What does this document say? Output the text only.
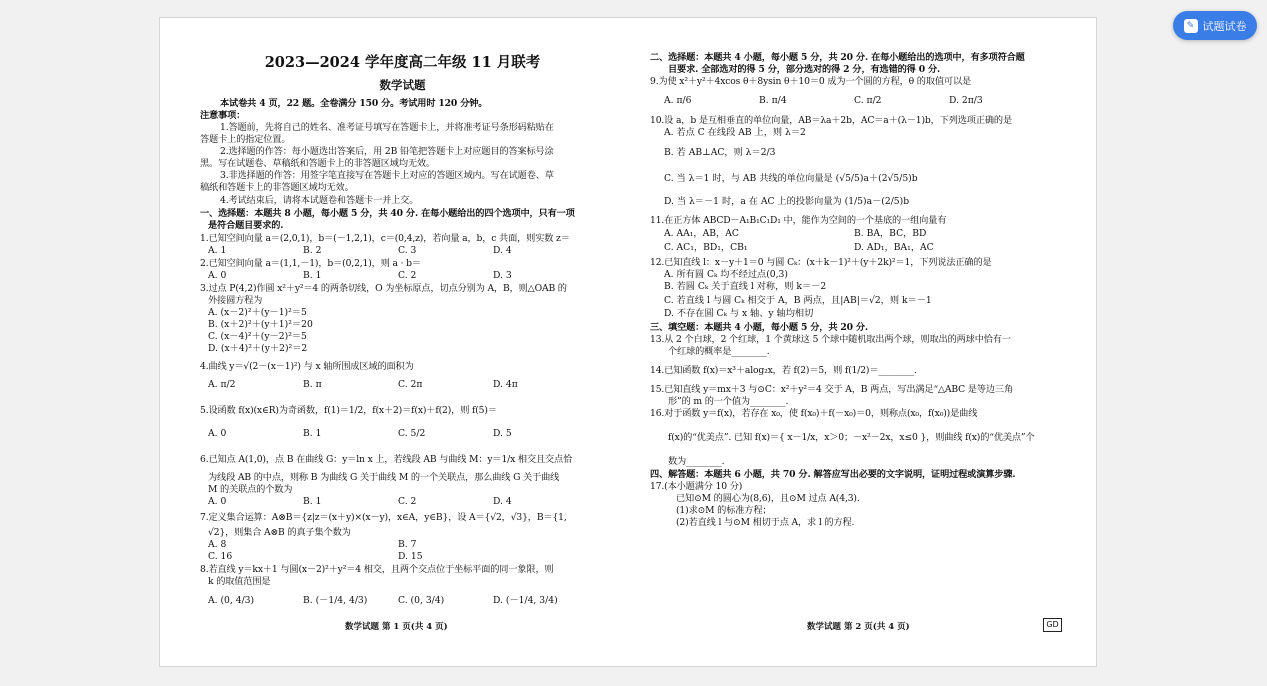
2023—2024 学年度高二年级 11 月联考
数学试题
本试卷共 4 页，22 题。全卷满分 150 分。考试用时 120 分钟。
注意事项：
1.答题前，先将自己的姓名、准考证号填写在答题卡上，并将准考证号条形码粘贴在
答题卡上的指定位置。
2.选择题的作答：每小题选出答案后，用 2B 铅笔把答题卡上对应题目的答案标号涂
黑。写在试题卷、草稿纸和答题卡上的非答题区域均无效。
3.非选择题的作答：用签字笔直接写在答题卡上对应的答题区域内。写在试题卷、草
稿纸和答题卡上的非答题区域均无效。
4.考试结束后，请将本试题卷和答题卡一并上交。
一、选择题：本题共 8 小题，每小题 5 分，共 40 分. 在每小题给出的四个选项中，只有一项
是符合题目要求的.
1.已知空间向量 a＝(2,0,1)，b＝(－1,2,1)，c＝(0,4,z)，若向量 a，b，c 共面，则实数 z＝
A. 1	B. 2	C. 3	D. 4
2.已知空间向量 a＝(1,1,－1)，b＝(0,2,1)，则 a · b＝
A. 0	B. 1	C. 2	D. 3
3.过点 P(4,2)作圆 x²＋y²＝4 的两条切线，O 为坐标原点，切点分别为 A，B，则△OAB 的
外接圆方程为
A. (x－2)²＋(y－1)²＝5
B. (x＋2)²＋(y＋1)²＝20
C. (x－4)²＋(y－2)²＝5
D. (x＋4)²＋(y＋2)²＝2
4.曲线 y＝√(2－(x－1)²) 与 x 轴所围成区域的面积为
A. π/2	B. π	C. 2π	D. 4π
5.设函数 f(x)(x∈R)为奇函数，f(1)＝1/2，f(x＋2)＝f(x)＋f(2)，则 f(5)＝
A. 0	B. 1	C. 5/2	D. 5
6.已知点 A(1,0)，点 B 在曲线 G：y＝ln x 上，若线段 AB 与曲线 M：y＝1/x 相交且交点恰
为线段 AB 的中点，则称 B 为曲线 G 关于曲线 M 的一个关联点，那么曲线 G 关于曲线
M 的关联点的个数为
A. 0	B. 1	C. 2	D. 4
7.定义集合运算：A⊗B＝{z|z＝(x＋y)×(x－y)，x∈A，y∈B}，设 A＝{√2，√3}，B＝{1,
√2}，则集合 A⊗B 的真子集个数为
A. 8	B. 7
C. 16	D. 15
8.若直线 y＝kx＋1 与圆(x－2)²＋y²＝4 相交，且两个交点位于坐标平面的同一象限，则
k 的取值范围是
A. (0, 4/3)	B. (－1/4, 4/3)	C. (0, 3/4)	D. (－1/4, 3/4)
数学试题 第 1 页(共 4 页)
二、选择题：本题共 4 小题，每小题 5 分，共 20 分. 在每小题给出的选项中，有多项符合题
目要求. 全部选对的得 5 分，部分选对的得 2 分，有选错的得 0 分.
9.为使 x²＋y²＋4xcos θ＋8ysin θ＋10＝0 成为一个圆的方程，θ 的取值可以是
A. π/6	B. π/4	C. π/2	D. 2π/3
10.设 a，b 是互相垂直的单位向量，AB＝λa＋2b，AC＝a＋(λ－1)b，下列选项正确的是
A. 若点 C 在线段 AB 上，则 λ＝2
B. 若 AB⊥AC，则 λ＝2/3
C. 当 λ＝1 时，与 AB 共线的单位向量是 (√5/5)a＋(2√5/5)b
D. 当 λ＝－1 时，a 在 AC 上的投影向量为 (1/5)a－(2/5)b
11.在正方体 ABCD－A₁B₁C₁D₁ 中，能作为空间的一个基底的一组向量有
A. AA₁，AB，AC	B. BA，BC，BD
C. AC₁，BD₁，CB₁	D. AD₁，BA₁，AC
12.已知直线 l：x－y＋1＝0 与圆 Cₖ：(x＋k－1)²＋(y＋2k)²＝1，下列说法正确的是
A. 所有圆 Cₖ 均不经过点(0,3)
B. 若圆 Cₖ 关于直线 l 对称，则 k＝－2
C. 若直线 l 与圆 Cₖ 相交于 A，B 两点，且|AB|＝√2，则 k＝－1
D. 不存在圆 Cₖ 与 x 轴、y 轴均相切
三、填空题：本题共 4 小题，每小题 5 分，共 20 分.
13.从 2 个白球，2 个红球，1 个黄球这 5 个球中随机取出两个球，则取出的两球中恰有一
个红球的概率是________.
14.已知函数 f(x)＝x³＋alog₂x，若 f(2)＝5，则 f(1/2)＝________.
15.已知直线 y＝mx＋3 与⊙C：x²＋y²＝4 交于 A，B 两点，写出满足“△ABC 是等边三角
形”的 m 的一个值为________.
16.对于函数 y＝f(x)，若存在 x₀，使 f(x₀)＋f(－x₀)＝0，则称点(x₀，f(x₀))是曲线
f(x)的“优美点”. 已知 f(x)＝{ x－1/x，x＞0；－x²－2x，x≤0 }，则曲线 f(x)的“优美点”个
数为________.
四、解答题：本题共 6 小题，共 70 分. 解答应写出必要的文字说明，证明过程或演算步骤.
17.(本小题满分 10 分)
已知⊙M 的圆心为(8,6)，且⊙M 过点 A(4,3).
(1)求⊙M 的标准方程；
(2)若直线 l 与⊙M 相切于点 A，求 l 的方程.
数学试题 第 2 页(共 4 页)	GD
✎ 试题试卷
